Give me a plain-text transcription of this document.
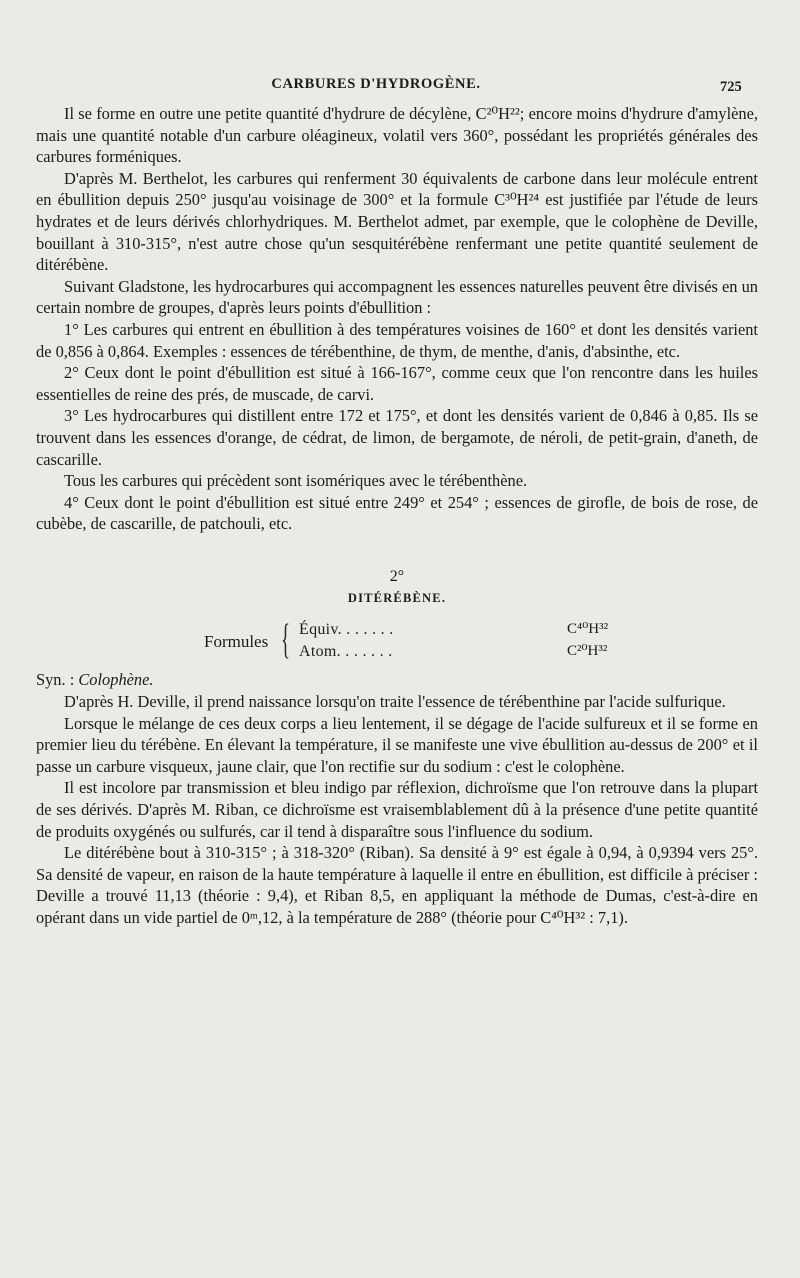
CARBURES D'HYDROGÈNE.	725

Il se forme en outre une petite quantité d'hydrure de décylène, C²⁰H²²; encore moins d'hydrure d'amylène, mais une quantité notable d'un carbure oléagineux, volatil vers 360°, possédant les propriétés générales des carbures forméniques.

D'après M. Berthelot, les carbures qui renferment 30 équivalents de carbone dans leur molécule entrent en ébullition depuis 250° jusqu'au voisinage de 300° et la formule C³⁰H²⁴ est justifiée par l'étude de leurs hydrates et de leurs dérivés chlorhydriques. M. Berthelot admet, par exemple, que le colophène de Deville, bouillant à 310-315°, n'est autre chose qu'un sesquitérébène renfermant une petite quantité seulement de ditérébène.

Suivant Gladstone, les hydrocarbures qui accompagnent les essences naturelles peuvent être divisés en un certain nombre de groupes, d'après leurs points d'ébullition :

1° Les carbures qui entrent en ébullition à des températures voisines de 160° et dont les densités varient de 0,856 à 0,864. Exemples : essences de térébenthine, de thym, de menthe, d'anis, d'absinthe, etc.

2° Ceux dont le point d'ébullition est situé à 166-167°, comme ceux que l'on rencontre dans les huiles essentielles de reine des prés, de muscade, de carvi.

3° Les hydrocarbures qui distillent entre 172 et 175°, et dont les densités varient de 0,846 à 0,85. Ils se trouvent dans les essences d'orange, de cédrat, de limon, de bergamote, de néroli, de petit-grain, d'aneth, de cascarille.

Tous les carbures qui précèdent sont isomériques avec le térébenthène.

4° Ceux dont le point d'ébullition est situé entre 249° et 254° ; essences de girofle, de bois de rose, de cubèbe, de cascarille, de patchouli, etc.

2°
DITÉRÉBÈNE.
Formules { Équiv. . . . . . .
Atom. . . . . . .
C⁴⁰H³²
C²⁰H³²

Syn. : Colophène.

D'après H. Deville, il prend naissance lorsqu'on traite l'essence de térébenthine par l'acide sulfurique.

Lorsque le mélange de ces deux corps a lieu lentement, il se dégage de l'acide sulfureux et il se forme en premier lieu du térébène. En élevant la température, il se manifeste une vive ébullition au-dessus de 200° et il passe un carbure visqueux, jaune clair, que l'on rectifie sur du sodium : c'est le colophène.

Il est incolore par transmission et bleu indigo par réflexion, dichroïsme que l'on retrouve dans la plupart de ses dérivés. D'après M. Riban, ce dichroïsme est vraisemblablement dû à la présence d'une petite quantité de produits oxygénés ou sulfurés, car il tend à disparaître sous l'influence du sodium.

Le ditérébène bout à 310-315° ; à 318-320° (Riban). Sa densité à 9° est égale à 0,94, à 0,9394 vers 25°. Sa densité de vapeur, en raison de la haute température à laquelle il entre en ébullition, est difficile à préciser : Deville a trouvé 11,13 (théorie : 9,4), et Riban 8,5, en appliquant la méthode de Dumas, c'est-à-dire en opérant dans un vide partiel de 0ᵐ,12, à la température de 288° (théorie pour C⁴⁰H³² : 7,1).
